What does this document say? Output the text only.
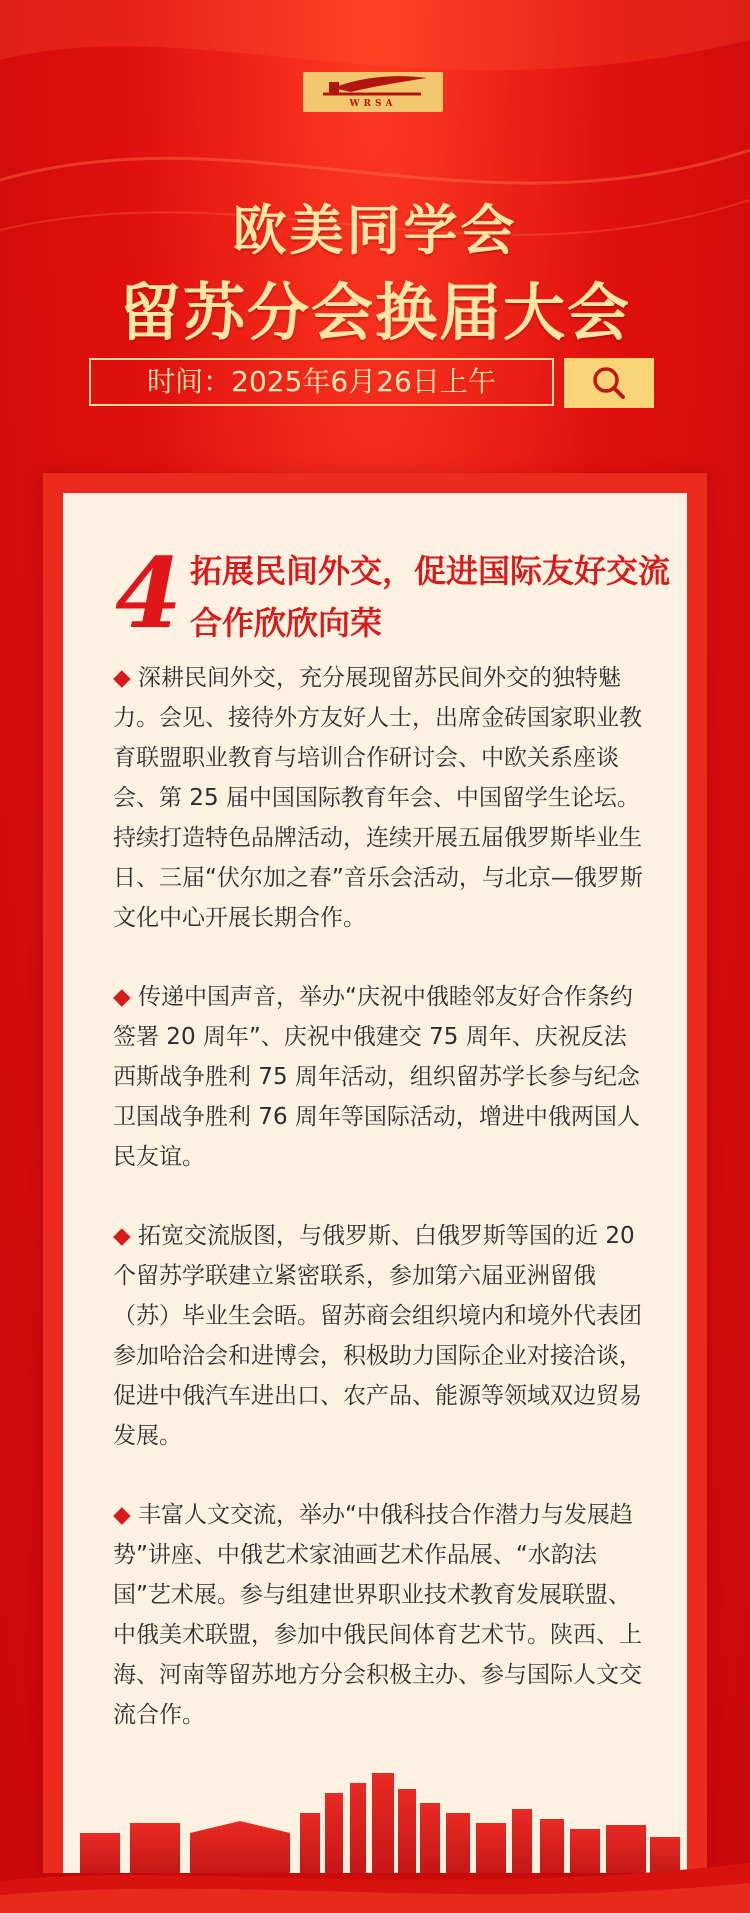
WRSA
欧美同学会
留苏分会换届大会
时间：2025年6月26日上午
4 拓展民间外交，促进国际友好交流合作欣欣向荣

◆ 深耕民间外交，充分展现留苏民间外交的独特魅力。会见、接待外方友好人士，出席金砖国家职业教育联盟职业教育与培训合作研讨会、中欧关系座谈会、第 25 届中国国际教育年会、中国留学生论坛。持续打造特色品牌活动，连续开展五届俄罗斯毕业生日、三届“伏尔加之春”音乐会活动，与北京—俄罗斯文化中心开展长期合作。

◆ 传递中国声音，举办“庆祝中俄睦邻友好合作条约签署 20 周年”、庆祝中俄建交 75 周年、庆祝反法西斯战争胜利 75 周年活动，组织留苏学长参与纪念卫国战争胜利 76 周年等国际活动，增进中俄两国人民友谊。

◆ 拓宽交流版图，与俄罗斯、白俄罗斯等国的近 20 个留苏学联建立紧密联系，参加第六届亚洲留俄（苏）毕业生会晤。留苏商会组织境内和境外代表团参加哈洽会和进博会，积极助力国际企业对接洽谈，促进中俄汽车进出口、农产品、能源等领域双边贸易发展。

◆ 丰富人文交流，举办“中俄科技合作潜力与发展趋势”讲座、中俄艺术家油画艺术作品展、“水韵法国”艺术展。参与组建世界职业技术教育发展联盟、中俄美术联盟，参加中俄民间体育艺术节。陕西、上海、河南等留苏地方分会积极主办、参与国际人文交流合作。
